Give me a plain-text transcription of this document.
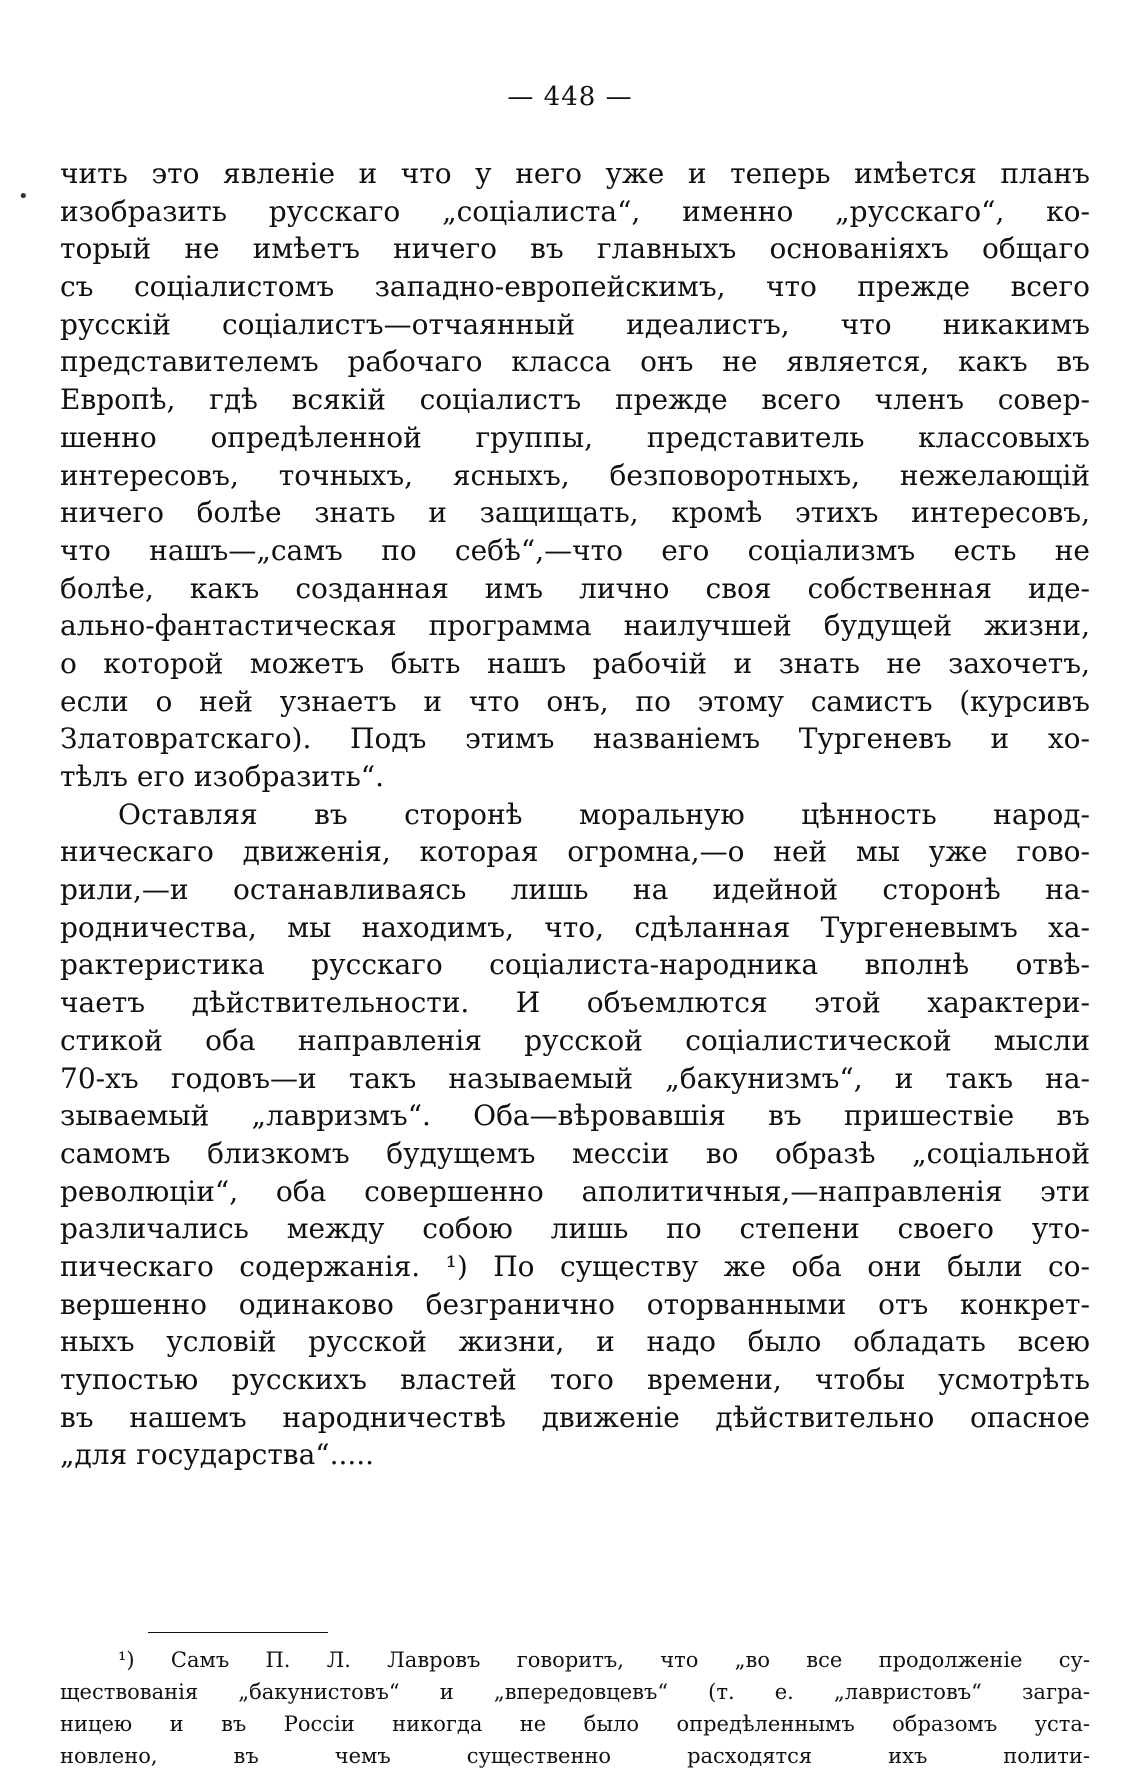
— 448 —
•
чить это явленіе и что у него уже и теперь имѣется планъ
изобразить русскаго „соціалиста“, именно „русскаго“, ко-
торый не имѣетъ ничего въ главныхъ основаніяхъ общаго
съ соціалистомъ западно-европейскимъ, что прежде всего
русскій соціалистъ—отчаянный идеалистъ, что никакимъ
представителемъ рабочаго класса онъ не является, какъ въ
Европѣ, гдѣ всякій соціалистъ прежде всего членъ совер-
шенно опредѣленной группы, представитель классовыхъ
интересовъ, точныхъ, ясныхъ, безповоротныхъ, нежелающій
ничего болѣе знать и защищать, кромѣ этихъ интересовъ,
что нашъ—„самъ по себѣ“,—что его соціализмъ есть не
болѣе, какъ созданная имъ лично своя собственная иде-
ально-фантастическая программа наилучшей будущей жизни,
о которой можетъ быть нашъ рабочій и знать не захочетъ,
если о ней узнаетъ и что онъ, по этому самистъ (курсивъ
Златовратскаго). Подъ этимъ названіемъ Тургеневъ и хо-
тѣлъ его изобразить“.
Оставляя въ сторонѣ моральную цѣнность народ-
ническаго движенія, которая огромна,—о ней мы уже гово-
рили,—и останавливаясь лишь на идейной сторонѣ на-
родничества, мы находимъ, что, сдѣланная Тургеневымъ ха-
рактеристика русскаго соціалиста-народника вполнѣ отвѣ-
чаетъ дѣйствительности. И объемлются этой характери-
стикой оба направленія русской соціалистической мысли
70-хъ годовъ—и такъ называемый „бакунизмъ“, и такъ на-
зываемый „лавризмъ“. Оба—вѣровавшія въ пришествіе въ
самомъ близкомъ будущемъ мессіи во образѣ „соціальной
революціи“, оба совершенно аполитичныя,—направленія эти
различались между собою лишь по степени своего уто-
пическаго содержанія. ¹) По существу же оба они были со-
вершенно одинаково безгранично оторванными отъ конкрет-
ныхъ условій русской жизни, и надо было обладать всею
тупостью русскихъ властей того времени, чтобы усмотрѣть
въ нашемъ народничествѣ движеніе дѣйствительно опасное
„для государства“.....
¹) Самъ П. Л. Лавровъ говоритъ, что „во все продолженіе су-
ществованія „бакунистовъ“ и „впередовцевъ“ (т. е. „лавристовъ“ загра-
ницею и въ Россіи никогда не было опредѣленнымъ образомъ уста-
новлено, въ чемъ существенно расходятся ихъ полити-
